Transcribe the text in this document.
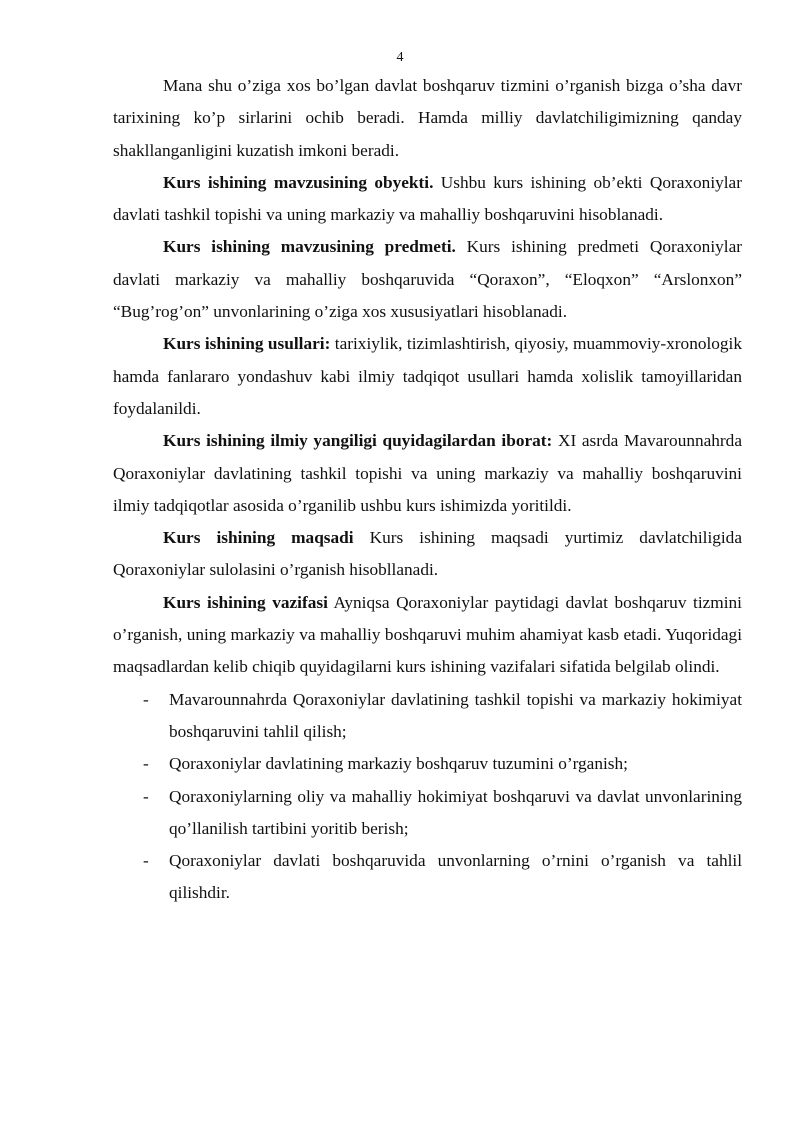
4

Mana shu o’ziga xos bo’lgan davlat boshqaruv tizmini o’rganish bizga o’sha davr tarixining ko’p sirlarini ochib beradi. Hamda milliy davlatchiligimizning qanday shakllanganligini kuzatish imkoni beradi.

Kurs ishining mavzusining obyekti. Ushbu kurs ishining ob’ekti Qoraxoniylar davlati tashkil topishi va uning markaziy va mahalliy boshqaruvini hisoblanadi.

Kurs ishining mavzusining predmeti. Kurs ishining predmeti Qoraxoniylar davlati markaziy va mahalliy boshqaruvida “Qoraxon”, “Eloqxon” “Arslonxon” “Bug’rog’on” unvonlarining o’ziga xos xususiyatlari hisoblanadi.

Kurs ishining usullari: tarixiylik, tizimlashtirish, qiyosiy, muammoviy-xronologik hamda fanlararo yondashuv kabi ilmiy tadqiqot usullari hamda xolislik tamoyillaridan foydalanildi.

Kurs ishining ilmiy yangiligi quyidagilardan iborat: XI asrda Mavarounnahrda Qoraxoniylar davlatining tashkil topishi va uning markaziy va mahalliy boshqaruvini ilmiy tadqiqotlar asosida o’rganilib ushbu kurs ishimizda yoritildi.

Kurs ishining maqsadi Kurs ishining maqsadi yurtimiz davlatchiligida Qoraxoniylar sulolasini o’rganish hisobllanadi.

Kurs ishining vazifasi Ayniqsa Qoraxoniylar paytidagi davlat boshqaruv tizmini o’rganish, uning markaziy va mahalliy boshqaruvi muhim ahamiyat kasb etadi. Yuqoridagi maqsadlardan kelib chiqib quyidagilarni kurs ishining vazifalari sifatida belgilab olindi.

- Mavarounnahrda Qoraxoniylar davlatining tashkil topishi va markaziy hokimiyat boshqaruvini tahlil qilish;
- Qoraxoniylar davlatining markaziy boshqaruv tuzumini o’rganish;
- Qoraxoniylarning oliy va mahalliy hokimiyat boshqaruvi va davlat unvonlarining qo’llanilish tartibini yoritib berish;
- Qoraxoniylar davlati boshqaruvida unvonlarning o’rnini o’rganish va tahlil qilishdir.
